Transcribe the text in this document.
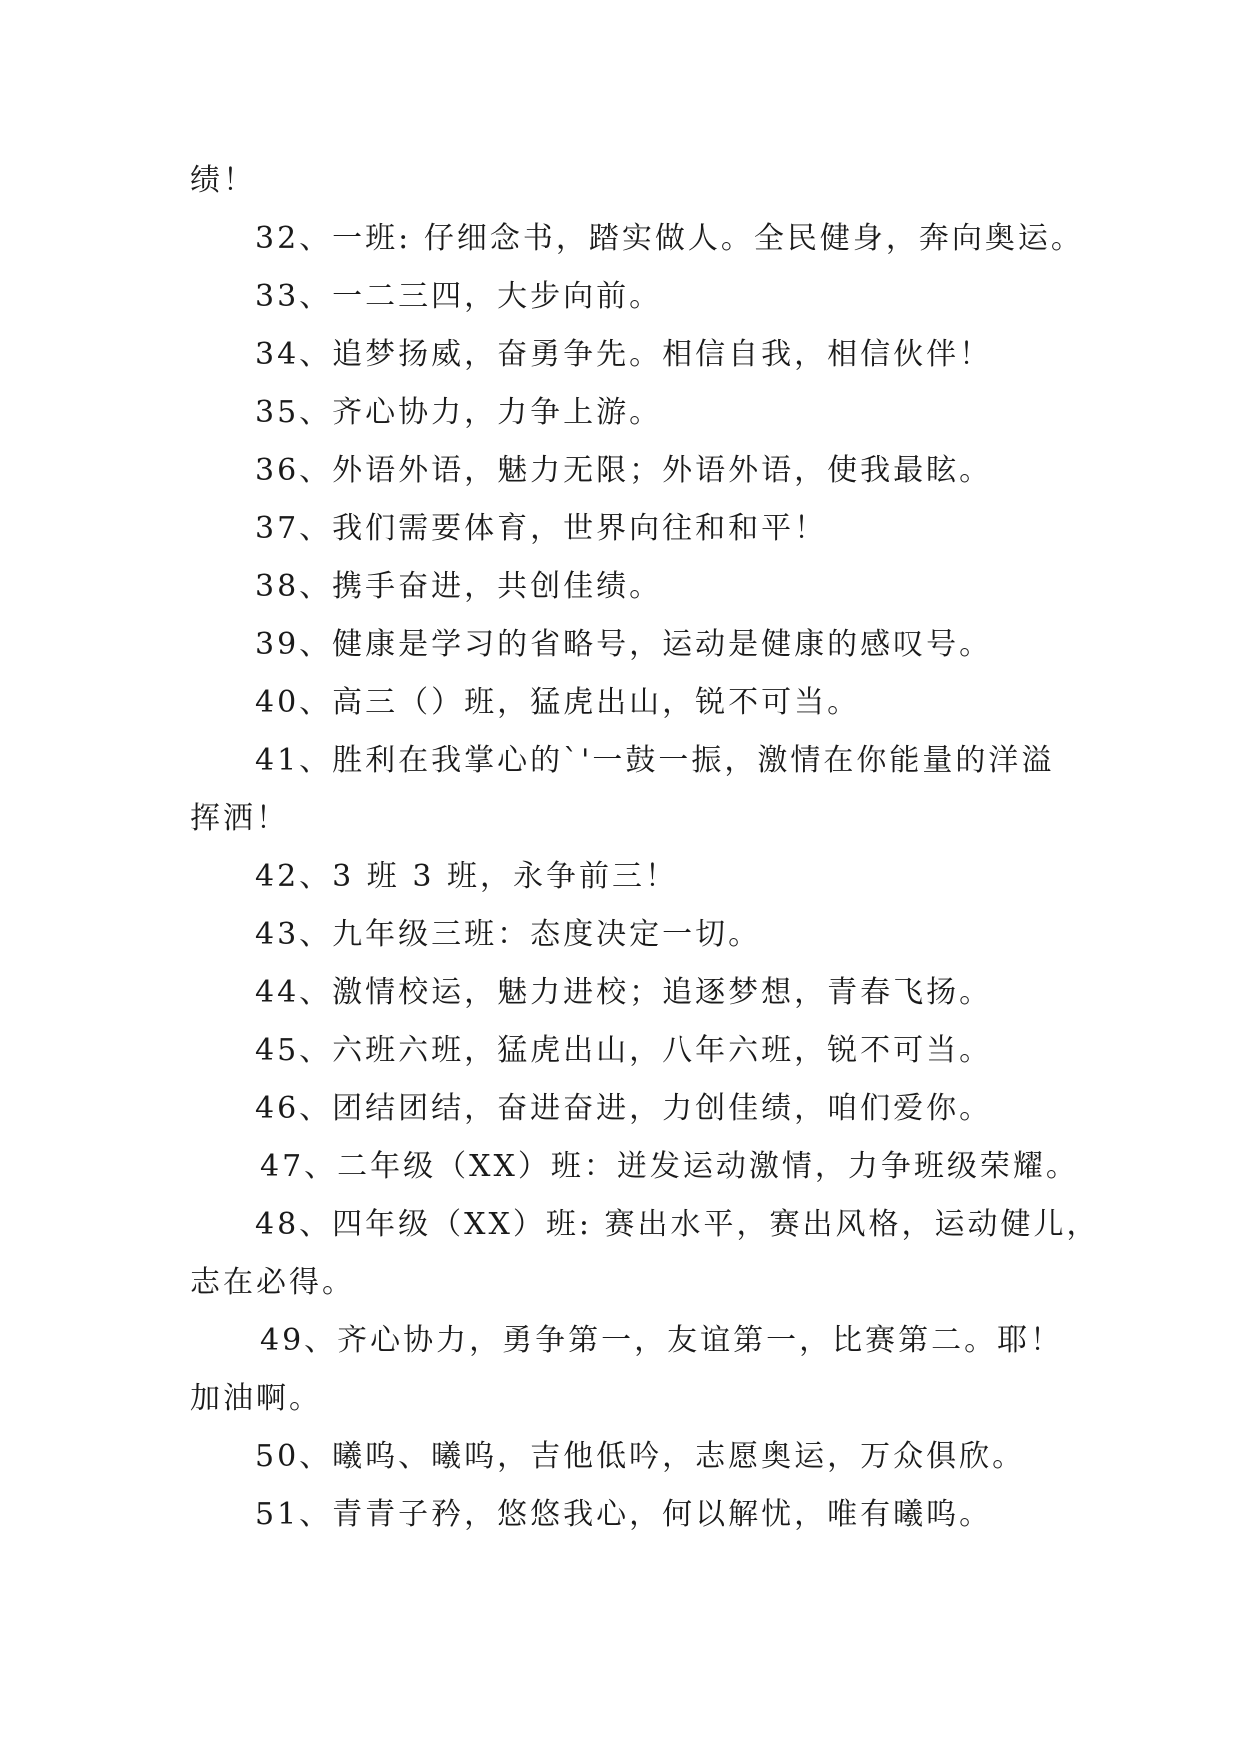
绩！
32、一班: 仔细念书，踏实做人。全民健身，奔向奥运。
33、一二三四，大步向前。
34、追梦扬威，奋勇争先。相信自我，相信伙伴！
35、齐心协力，力争上游。
36、外语外语，魅力无限；外语外语，使我最眩。
37、我们需要体育，世界向往和和平！
38、携手奋进，共创佳绩。
39、健康是学习的省略号，运动是健康的感叹号。
40、高三（）班，猛虎出山，锐不可当。
41、胜利在我掌心的`'一鼓一振，激情在你能量的洋溢
挥洒！
42、3 班 3 班，永争前三！
43、九年级三班：态度决定一切。
44、激情校运，魅力进校；追逐梦想，青春飞扬。
45、六班六班，猛虎出山，八年六班，锐不可当。
46、团结团结，奋进奋进，力创佳绩，咱们爱你。
47、二年级（XX）班：迸发运动激情，力争班级荣耀。
48、四年级（XX）班: 赛出水平，赛出风格，运动健儿，
志在必得。
49、齐心协力，勇争第一，友谊第一，比赛第二。耶！
加油啊。
50、曦呜、曦呜，吉他低吟，志愿奥运，万众俱欣。
51、青青子矜，悠悠我心，何以解忧，唯有曦呜。
